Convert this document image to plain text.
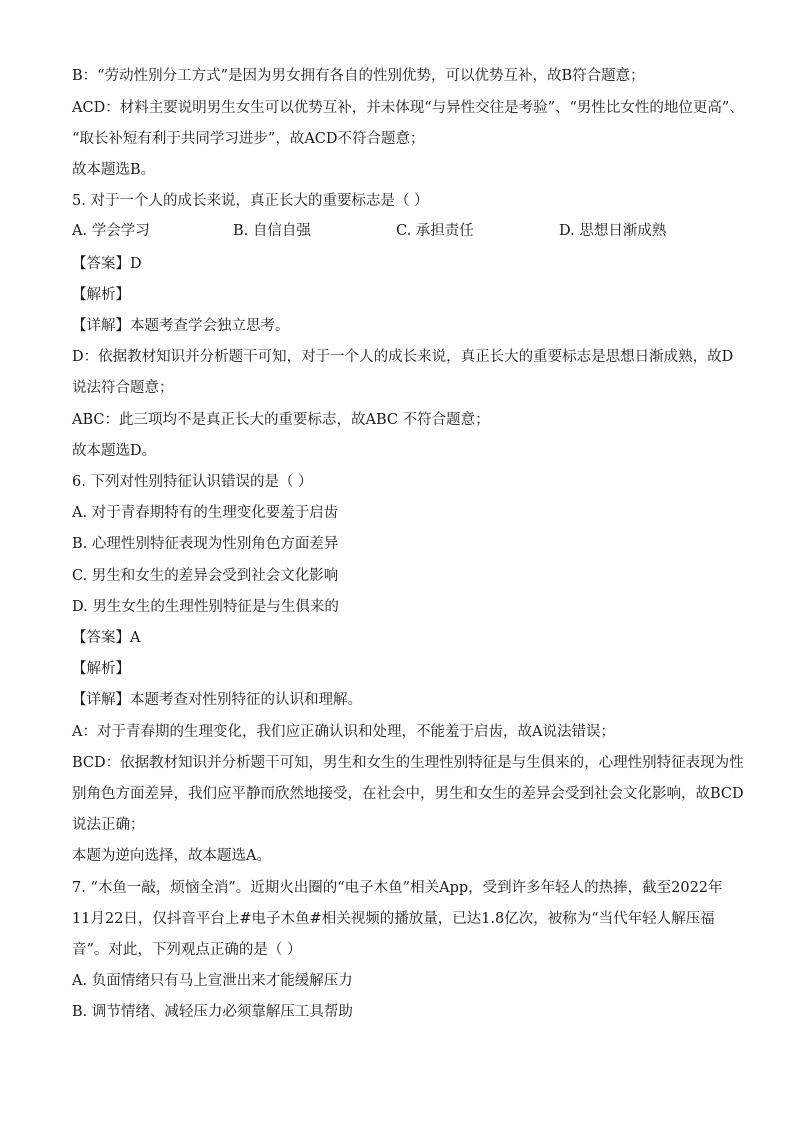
B：“劳动性别分工方式”是因为男女拥有各自的性别优势，可以优势互补，故B符合题意；
ACD：材料主要说明男生女生可以优势互补，并未体现“与异性交往是考验”、“男性比女性的地位更高”、
“取长补短有利于共同学习进步”，故ACD不符合题意；
故本题选B。
5. 对于一个人的成长来说，真正长大的重要标志是（ ）
A. 学会学习	B. 自信自强	C. 承担责任	D. 思想日渐成熟
【答案】D
【解析】
【详解】本题考查学会独立思考。
D：依据教材知识并分析题干可知，对于一个人的成长来说，真正长大的重要标志是思想日渐成熟，故D
说法符合题意；
ABC：此三项均不是真正长大的重要标志，故ABC 不符合题意；
故本题选D。
6. 下列对性别特征认识错误的是（ ）
A. 对于青春期特有的生理变化要羞于启齿
B. 心理性别特征表现为性别角色方面差异
C. 男生和女生的差异会受到社会文化影响
D. 男生女生的生理性别特征是与生俱来的
【答案】A
【解析】
【详解】本题考查对性别特征的认识和理解。
A：对于青春期的生理变化，我们应正确认识和处理，不能羞于启齿，故A说法错误；
BCD：依据教材知识并分析题干可知，男生和女生的生理性别特征是与生俱来的，心理性别特征表现为性
别角色方面差异，我们应平静而欣然地接受，在社会中，男生和女生的差异会受到社会文化影响，故BCD
说法正确；
本题为逆向选择，故本题选A。
7. “木鱼一敲，烦恼全消”。近期火出圈的“电子木鱼”相关App，受到许多年轻人的热捧，截至2022年
11月22日，仅抖音平台上#电子木鱼#相关视频的播放量，已达1.8亿次，被称为“当代年轻人解压福
音”。对此，下列观点正确的是（ ）
A. 负面情绪只有马上宣泄出来才能缓解压力
B. 调节情绪、减轻压力必须靠解压工具帮助
